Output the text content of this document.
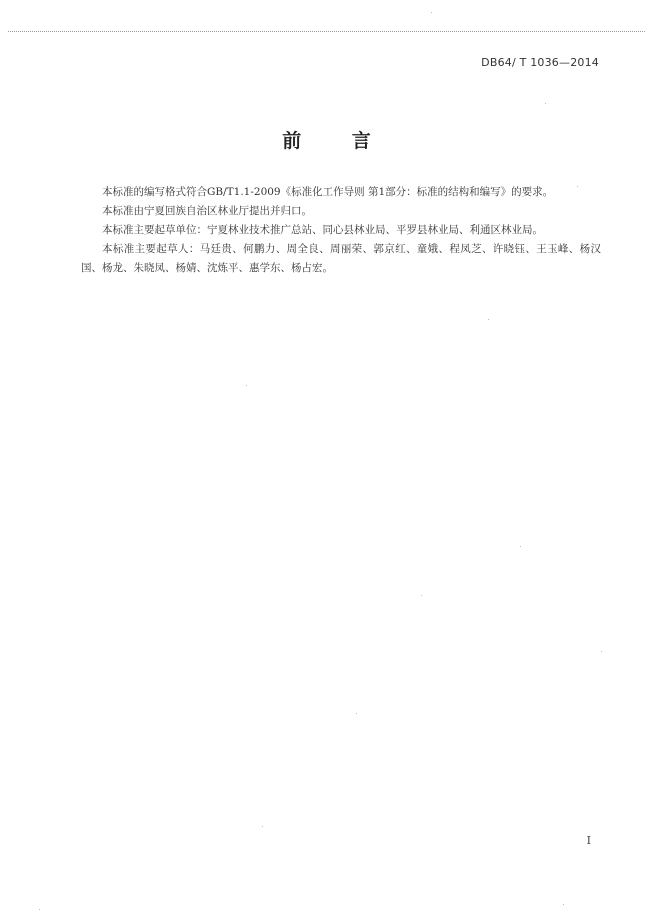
DB64/ T 1036—2014
前 言

本标准的编写格式符合GB/T1.1-2009《标准化工作导则 第1部分：标准的结构和编写》的要求。

本标准由宁夏回族自治区林业厅提出并归口。

本标准主要起草单位：宁夏林业技术推广总站、同心县林业局、平罗县林业局、利通区林业局。

本标准主要起草人：马廷贵、何鹏力、周全良、周丽荣、郭京红、童娥、程凤芝、许晓钰、王玉峰、杨汉国、杨龙、朱晓凤、杨婧、沈炼平、惠学东、杨占宏。

I
